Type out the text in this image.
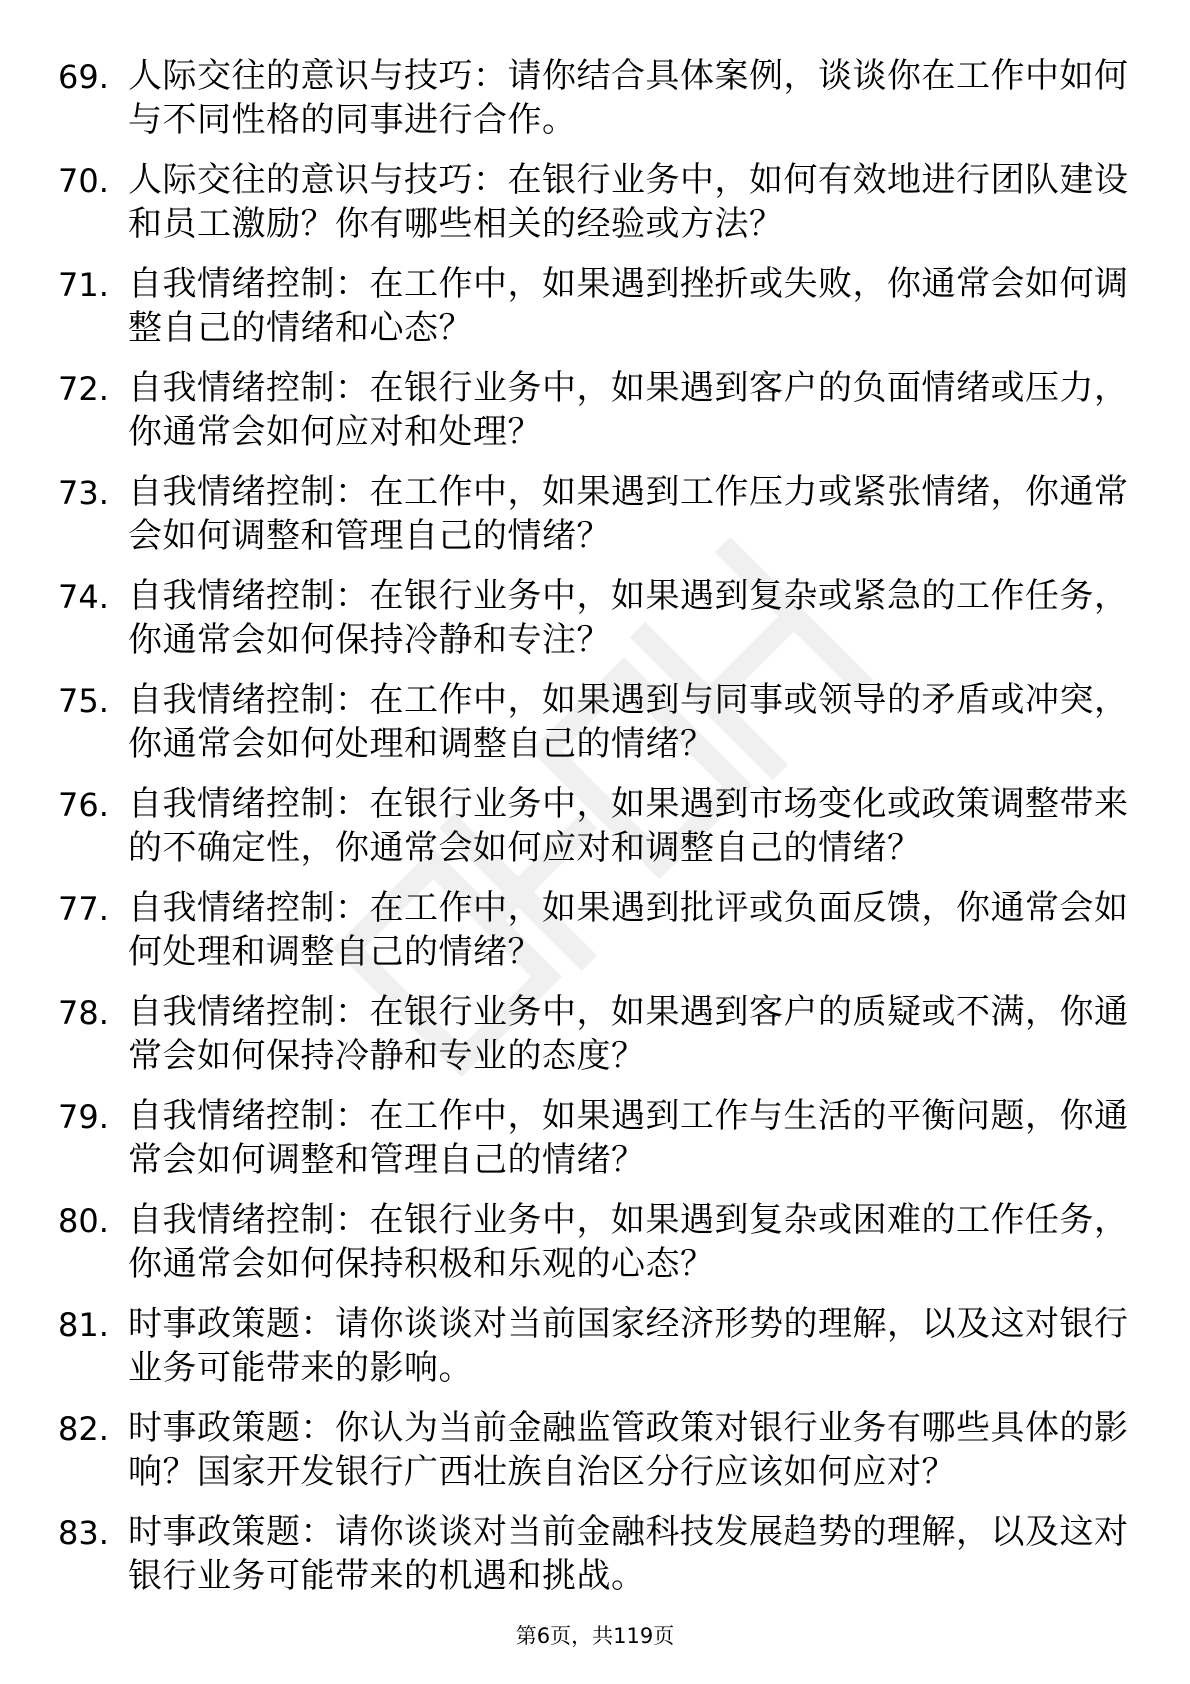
69. 人际交往的意识与技巧：请你结合具体案例，谈谈你在工作中如何与不同性格的同事进行合作。
70. 人际交往的意识与技巧：在银行业务中，如何有效地进行团队建设和员工激励？你有哪些相关的经验或方法？
71. 自我情绪控制：在工作中，如果遇到挫折或失败，你通常会如何调整自己的情绪和心态？
72. 自我情绪控制：在银行业务中，如果遇到客户的负面情绪或压力，你通常会如何应对和处理？
73. 自我情绪控制：在工作中，如果遇到工作压力或紧张情绪，你通常会如何调整和管理自己的情绪？
74. 自我情绪控制：在银行业务中，如果遇到复杂或紧急的工作任务，你通常会如何保持冷静和专注？
75. 自我情绪控制：在工作中，如果遇到与同事或领导的矛盾或冲突，你通常会如何处理和调整自己的情绪？
76. 自我情绪控制：在银行业务中，如果遇到市场变化或政策调整带来的不确定性，你通常会如何应对和调整自己的情绪？
77. 自我情绪控制：在工作中，如果遇到批评或负面反馈，你通常会如何处理和调整自己的情绪？
78. 自我情绪控制：在银行业务中，如果遇到客户的质疑或不满，你通常会如何保持冷静和专业的态度？
79. 自我情绪控制：在工作中，如果遇到工作与生活的平衡问题，你通常会如何调整和管理自己的情绪？
80. 自我情绪控制：在银行业务中，如果遇到复杂或困难的工作任务，你通常会如何保持积极和乐观的心态？
81. 时事政策题：请你谈谈对当前国家经济形势的理解，以及这对银行业务可能带来的影响。
82. 时事政策题：你认为当前金融监管政策对银行业务有哪些具体的影响？国家开发银行广西壮族自治区分行应该如何应对？
83. 时事政策题：请你谈谈对当前金融科技发展趋势的理解，以及这对银行业务可能带来的机遇和挑战。
第6页，共119页
